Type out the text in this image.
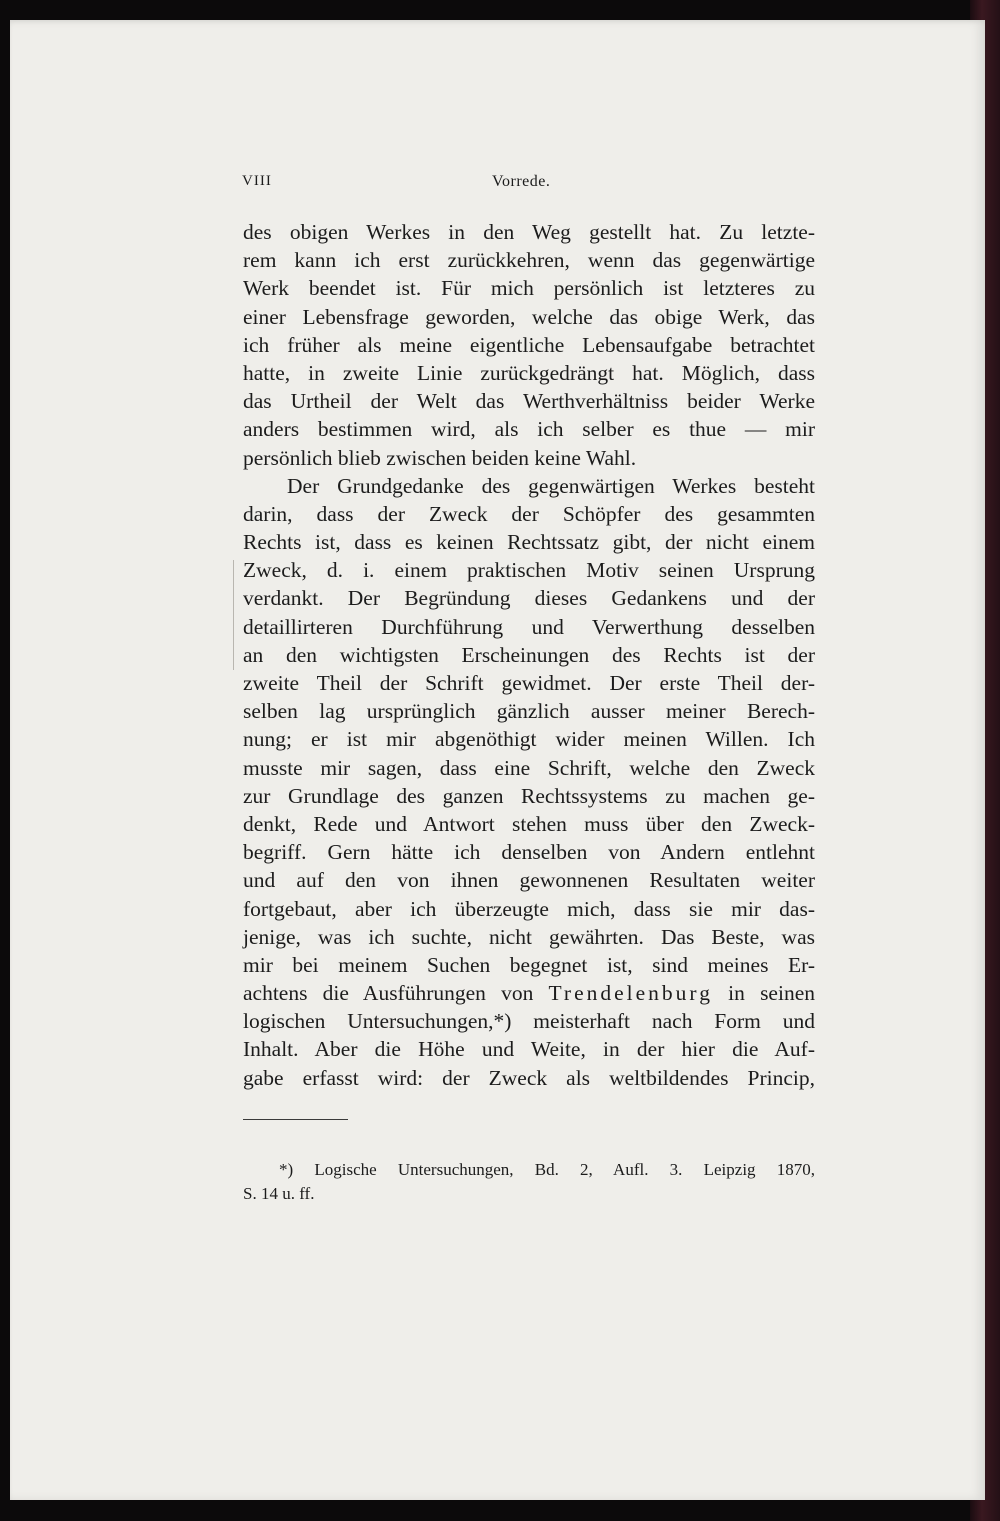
VIII	Vorrede.
des obigen Werkes in den Weg gestellt hat. Zu letzte-
rem kann ich erst zurückkehren, wenn das gegenwärtige
Werk beendet ist. Für mich persönlich ist letzteres zu
einer Lebensfrage geworden, welche das obige Werk, das
ich früher als meine eigentliche Lebensaufgabe betrachtet
hatte, in zweite Linie zurückgedrängt hat. Möglich, dass
das Urtheil der Welt das Werthverhältniss beider Werke
anders bestimmen wird, als ich selber es thue — mir
persönlich blieb zwischen beiden keine Wahl.
Der Grundgedanke des gegenwärtigen Werkes besteht
darin, dass der Zweck der Schöpfer des gesammten
Rechts ist, dass es keinen Rechtssatz gibt, der nicht einem
Zweck, d. i. einem praktischen Motiv seinen Ursprung
verdankt. Der Begründung dieses Gedankens und der
detaillirteren Durchführung und Verwerthung desselben
an den wichtigsten Erscheinungen des Rechts ist der
zweite Theil der Schrift gewidmet. Der erste Theil der-
selben lag ursprünglich gänzlich ausser meiner Berech-
nung; er ist mir abgenöthigt wider meinen Willen. Ich
musste mir sagen, dass eine Schrift, welche den Zweck
zur Grundlage des ganzen Rechtssystems zu machen ge-
denkt, Rede und Antwort stehen muss über den Zweck-
begriff. Gern hätte ich denselben von Andern entlehnt
und auf den von ihnen gewonnenen Resultaten weiter
fortgebaut, aber ich überzeugte mich, dass sie mir das-
jenige, was ich suchte, nicht gewährten. Das Beste, was
mir bei meinem Suchen begegnet ist, sind meines Er-
achtens die Ausführungen von Trendelenburg in seinen
logischen Untersuchungen,*) meisterhaft nach Form und
Inhalt. Aber die Höhe und Weite, in der hier die Auf-
gabe erfasst wird: der Zweck als weltbildendes Princip,
*) Logische Untersuchungen, Bd. 2, Aufl. 3. Leipzig 1870,
S. 14 u. ff.
